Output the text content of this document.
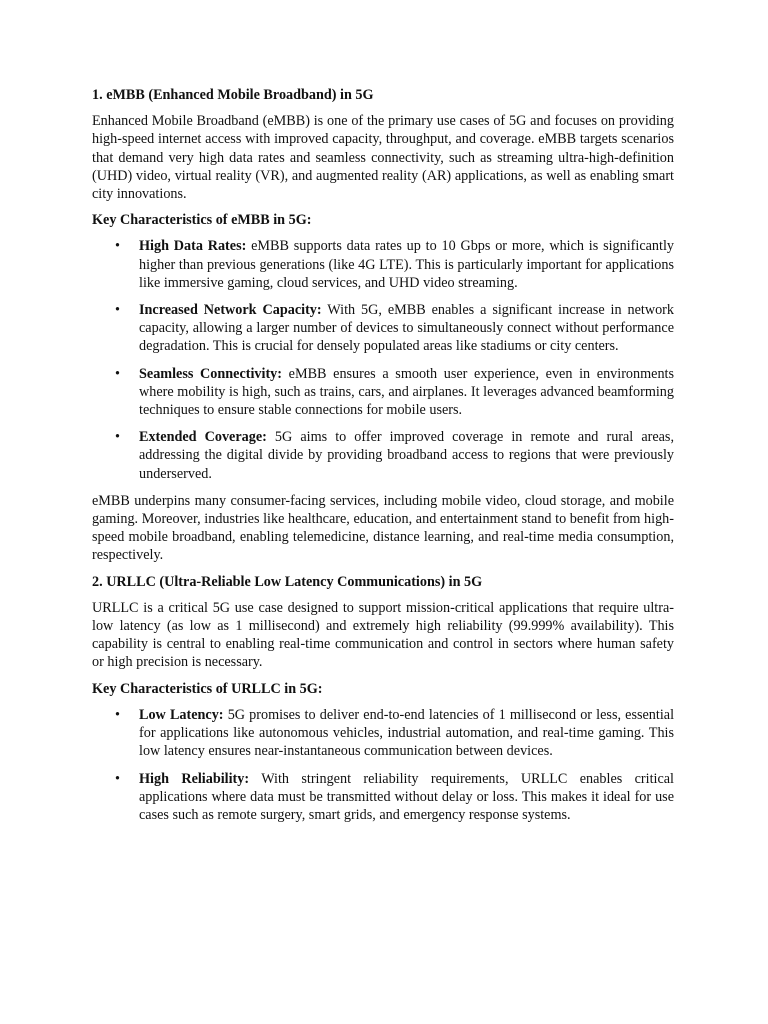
1. eMBB (Enhanced Mobile Broadband) in 5G

Enhanced Mobile Broadband (eMBB) is one of the primary use cases of 5G and focuses on providing high-speed internet access with improved capacity, throughput, and coverage. eMBB targets scenarios that demand very high data rates and seamless connectivity, such as streaming ultra-high-definition (UHD) video, virtual reality (VR), and augmented reality (AR) applications, as well as enabling smart city innovations.

Key Characteristics of eMBB in 5G:

• High Data Rates: eMBB supports data rates up to 10 Gbps or more, which is significantly higher than previous generations (like 4G LTE). This is particularly important for applications like immersive gaming, cloud services, and UHD video streaming.
• Increased Network Capacity: With 5G, eMBB enables a significant increase in network capacity, allowing a larger number of devices to simultaneously connect without performance degradation. This is crucial for densely populated areas like stadiums or city centers.
• Seamless Connectivity: eMBB ensures a smooth user experience, even in environments where mobility is high, such as trains, cars, and airplanes. It leverages advanced beamforming techniques to ensure stable connections for mobile users.
• Extended Coverage: 5G aims to offer improved coverage in remote and rural areas, addressing the digital divide by providing broadband access to regions that were previously underserved.

eMBB underpins many consumer-facing services, including mobile video, cloud storage, and mobile gaming. Moreover, industries like healthcare, education, and entertainment stand to benefit from high-speed mobile broadband, enabling telemedicine, distance learning, and real-time media consumption, respectively.

2. URLLC (Ultra-Reliable Low Latency Communications) in 5G

URLLC is a critical 5G use case designed to support mission-critical applications that require ultra-low latency (as low as 1 millisecond) and extremely high reliability (99.999% availability). This capability is central to enabling real-time communication and control in sectors where human safety or high precision is necessary.

Key Characteristics of URLLC in 5G:

• Low Latency: 5G promises to deliver end-to-end latencies of 1 millisecond or less, essential for applications like autonomous vehicles, industrial automation, and real-time gaming. This low latency ensures near-instantaneous communication between devices.
• High Reliability: With stringent reliability requirements, URLLC enables critical applications where data must be transmitted without delay or loss. This makes it ideal for use cases such as remote surgery, smart grids, and emergency response systems.
